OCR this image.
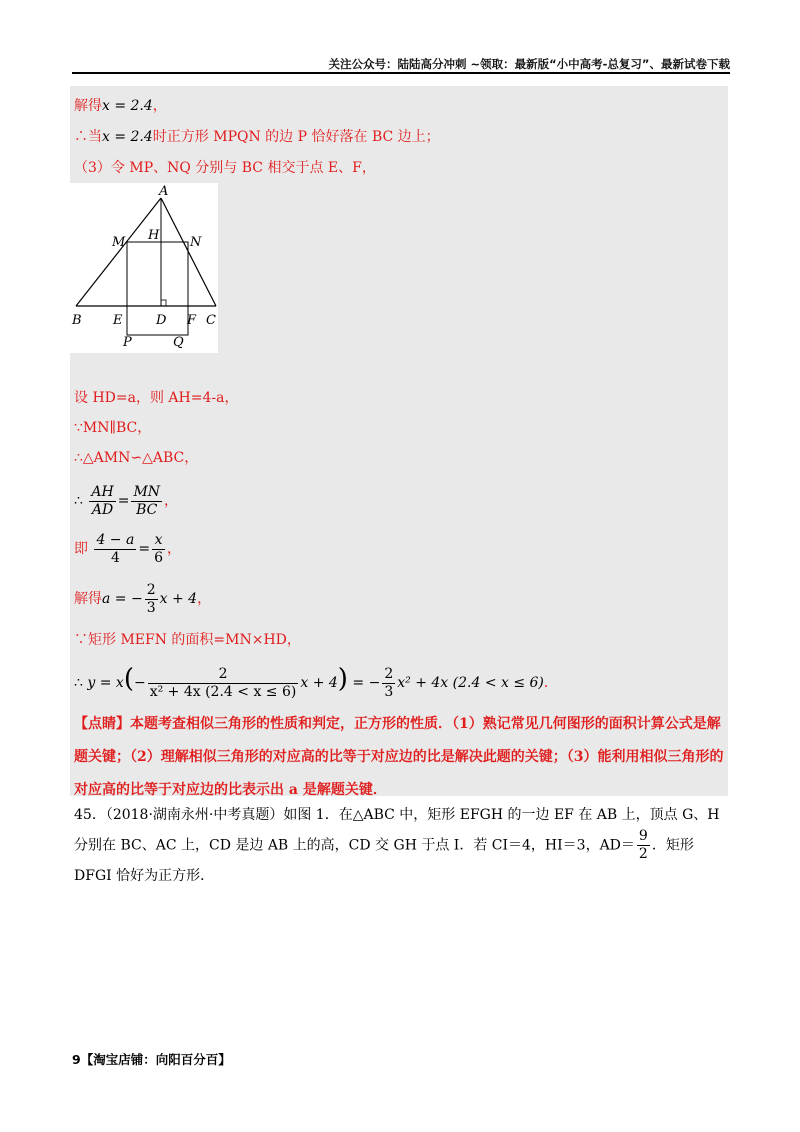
关注公众号：陆陆高分冲刺 ~领取：最新版“小中高考-总复习”、最新试卷下载
解得x = 2.4，
∴当x = 2.4时正方形 MPQN 的边 P 恰好落在 BC 边上；
（3）令 MP、NQ 分别与 BC 相交于点 E、F，
A
M H N
B E	D F C
P	Q
设 HD=a，则 AH=4-a，
∵MN∥BC，
∴△AMN∽△ABC，
∴ $\frac{AH}{AD} = \frac{MN}{BC}$ ，
即 $\frac{4 - a}{4} = \frac{x}{6}$ ，
解得a = − $\frac{2}{3}$ x + 4，
∵矩形 MEFN 的面积=MN×HD，
∴ $y = x(- \frac{2}{\text{x² + 4x (2.4 < x ≤ 6)}}$ x + 4) = − $\frac{2}{3} x^2 + 4x$ (2.4 < x ≤ 6)．
【点睛】本题考查相似三角形的性质和判定，正方形的性质．（1）熟记常见几何图形的面积计算公式是解题关键；（2）理解相似三角形的对应高的比等于对应边的比是解决此题的关键；（3）能利用相似三角形的对应高的比等于对应边的比表示出 a 是解题关键．
45．（2018·湖南永州·中考真题）如图 1．在△ABC 中，矩形 EFGH 的一边 EF 在 AB 上，顶点 G、H 分别在 BC、AC 上，CD 是边 AB 上的高，CD 交 GH 于点 I．若 CI＝4，HI＝3，$AD= \frac{9}{2}$ ．矩形 DFGI 恰好为正方形．
9【淘宝店铺：向阳百分百】
